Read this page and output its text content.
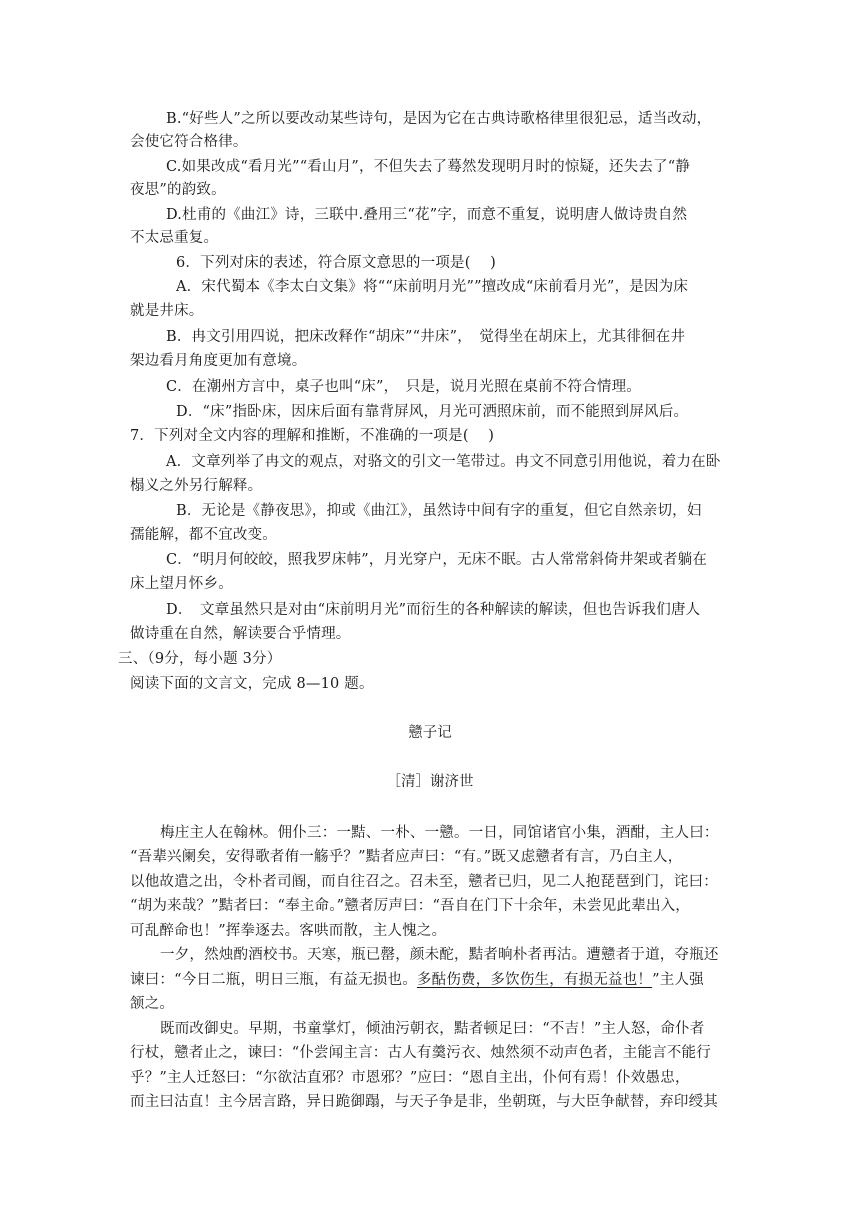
B.“好些人”之所以要改动某些诗句，是因为它在古典诗歌格律里很犯忌，适当改动，
会使它符合格律。
C.如果改成“看月光”“看山月”，不但失去了蓦然发现明月时的惊疑，还失去了“静
夜思”的韵致。
D.杜甫的《曲江》诗，三联中.叠用三“花”字，而意不重复，说明唐人做诗贵自然
不太忌重复。
6．下列对床的表述，符合原文意思的一项是(　 )
A．宋代蜀本《李太白文集》将““床前明月光””擅改成“床前看月光”，是因为床
就是井床。
B．冉文引用四说，把床改释作“胡床”“井床”，　觉得坐在胡床上，尤其徘徊在井
架边看月角度更加有意境。
C．在潮州方言中，桌子也叫“床”，　只是，说月光照在桌前不符合情理。
D．“床”指卧床，因床后面有靠背屏风，月光可洒照床前，而不能照到屏风后。
7．下列对全文内容的理解和推断，不准确的一项是(　 )
A．文章列举了冉文的观点，对骆文的引文一笔带过。冉文不同意引用他说，着力在卧
榻义之外另行解释。
B．无论是《静夜思》，抑或《曲江》，虽然诗中间有字的重复，但它自然亲切，妇
孺能解，都不宜改变。
C．“明月何皎皎，照我罗床帏”，月光穿户，无床不眠。古人常常斜倚井架或者躺在
床上望月怀乡。
D．　文章虽然只是对由“床前明月光”而衍生的各种解读的解读，但也告诉我们唐人
做诗重在自然，解读要合乎情理。
三、（9分，每小题 3分）
阅读下面的文言文，完成 8—10 题。
戆子记
［清］谢济世
梅庄主人在翰林。佣仆三：一黠、一朴、一戆。一日，同馆诸官小集，酒酣，主人曰：
“吾辈兴阑矣，安得歌者侑一觞乎？”黠者应声曰：“有。”既又虑戆者有言，乃白主人，
以他故遣之出，令朴者司阍，而自往召之。召未至，戆者已归，见二人抱琵琶到门，诧曰：
“胡为来哉？”黠者曰：“奉主命。”戆者厉声曰：“吾自在门下十余年，未尝见此辈出入，
可乱醉命也！”挥拳逐去。客哄而散，主人愧之。
一夕，然烛酌酒校书。天寒，瓶已罄，颜未酡，黠者晌朴者再沽。遭戆者于道，夺瓶还
谏曰：“今日二瓶，明日三瓶，有益无损也。多酤伤费，多饮伤生，有损无益也！”主人强
颔之。
既而改御史。早期，书童掌灯，倾油污朝衣，黠者顿足曰：“不吉！”主人怒，命仆者
行杖，戆者止之，谏曰：“仆尝闻主言：古人有羹污衣、烛然须不动声色者，主能言不能行
乎？”主人迁怒曰：“尔欲沽直邪？市恩邪？”应曰：“恩自主出，仆何有焉！仆效愚忠，
而主曰沽直！主今居言路，异日跪御蹋，与天子争是非，坐朝斑，与大臣争献替，弃印绶其
